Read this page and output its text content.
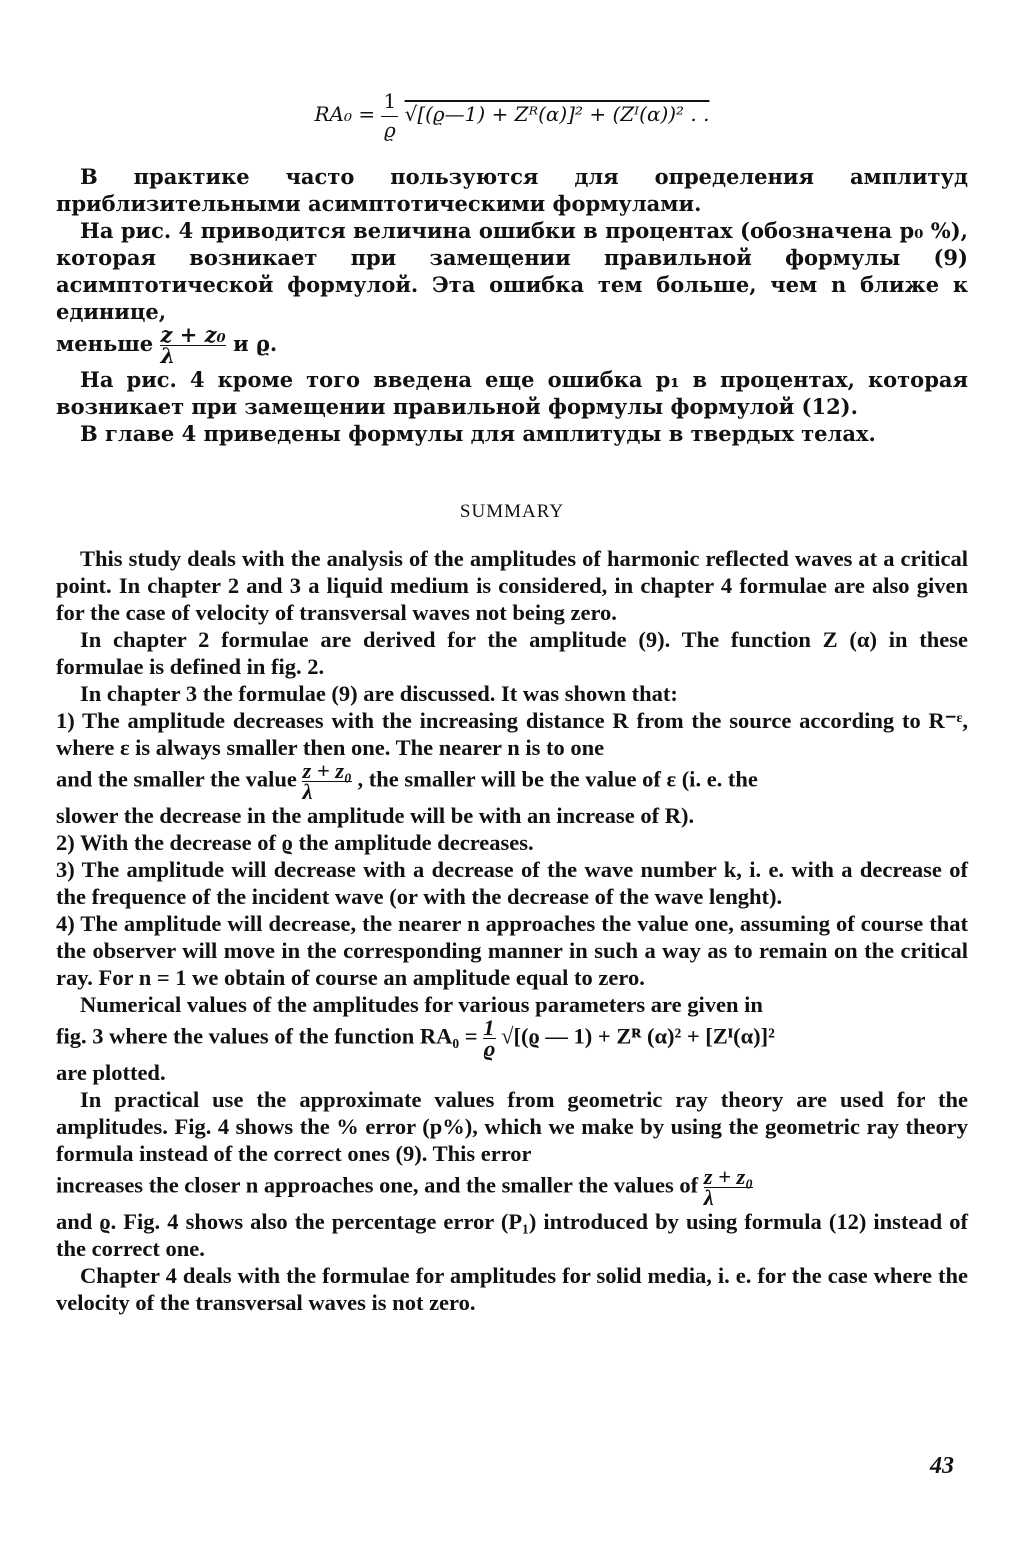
$RA_0 = \frac{1}{ϱ}$ √[(ϱ—1) + Zᴿ(α)]² + (Zᴵ(α))² . .

В практике часто пользуются для определения амплитуд приблизительными асимптотическими формулами.

На рис. 4 приводится величина ошибки в процентах (обозначена p₀ %), которая возникает при замещении правильной формулы (9) асимптотической формулой. Эта ошибка тем больше, чем n ближе к единице,

меньше $\frac{\text{z + z₀}}{\lambda}$ и ϱ.

На рис. 4 кроме того введена еще ошибка p₁ в процентах, которая возникает при замещении правильной формулы формулой (12).

В главе 4 приведены формулы для амплитуды в твердых телах.

SUMMARY

This study deals with the analysis of the amplitudes of harmonic reflected waves at a critical point. In chapter 2 and 3 a liquid medium is considered, in chapter 4 formulae are also given for the case of velocity of transversal waves not being zero.

In chapter 2 formulae are derived for the amplitude (9). The function Z (α) in these formulae is defined in fig. 2.

In chapter 3 the formulae (9) are discussed. It was shown that:

1) The amplitude decreases with the increasing distance R from the source according to R⁻ᵋ, where ε is always smaller then one. The nearer n is to one

and the smaller the value $\frac{\text{z + z₀}}{\lambda}$ , the smaller will be the value of ε (i. e. the

slower the decrease in the amplitude will be with an increase of R).

2) With the decrease of ϱ the amplitude decreases.

3) The amplitude will decrease with a decrease of the wave number k, i. e. with a decrease of the frequence of the incident wave (or with the decrease of the wave lenght).

4) The amplitude will decrease, the nearer n approaches the value one, assuming of course that the observer will move in the corresponding manner in such a way as to remain on the critical ray. For n = 1 we obtain of course an amplitude equal to zero.

Numerical values of the amplitudes for various parameters are given in

fig. 3 where the values of the function $RA_0 = \frac{1}{ϱ} √[(ϱ$ — 1) + Zᴿ (α)² + [Zᴵ(α)]²

are plotted.

In practical use the approximate values from geometric ray theory are used for the amplitudes. Fig. 4 shows the % error (p%), which we make by using the geometric ray theory formula instead of the correct ones (9). This error

increases the closer n approaches one, and the smaller the values of $\frac{\text{z + z₀}}{\lambda}$

and ϱ. Fig. 4 shows also the percentage error (P₁) introduced by using formula (12) instead of the correct one.

Chapter 4 deals with the formulae for amplitudes for solid media, i. e. for the case where the velocity of the transversal waves is not zero.

43
